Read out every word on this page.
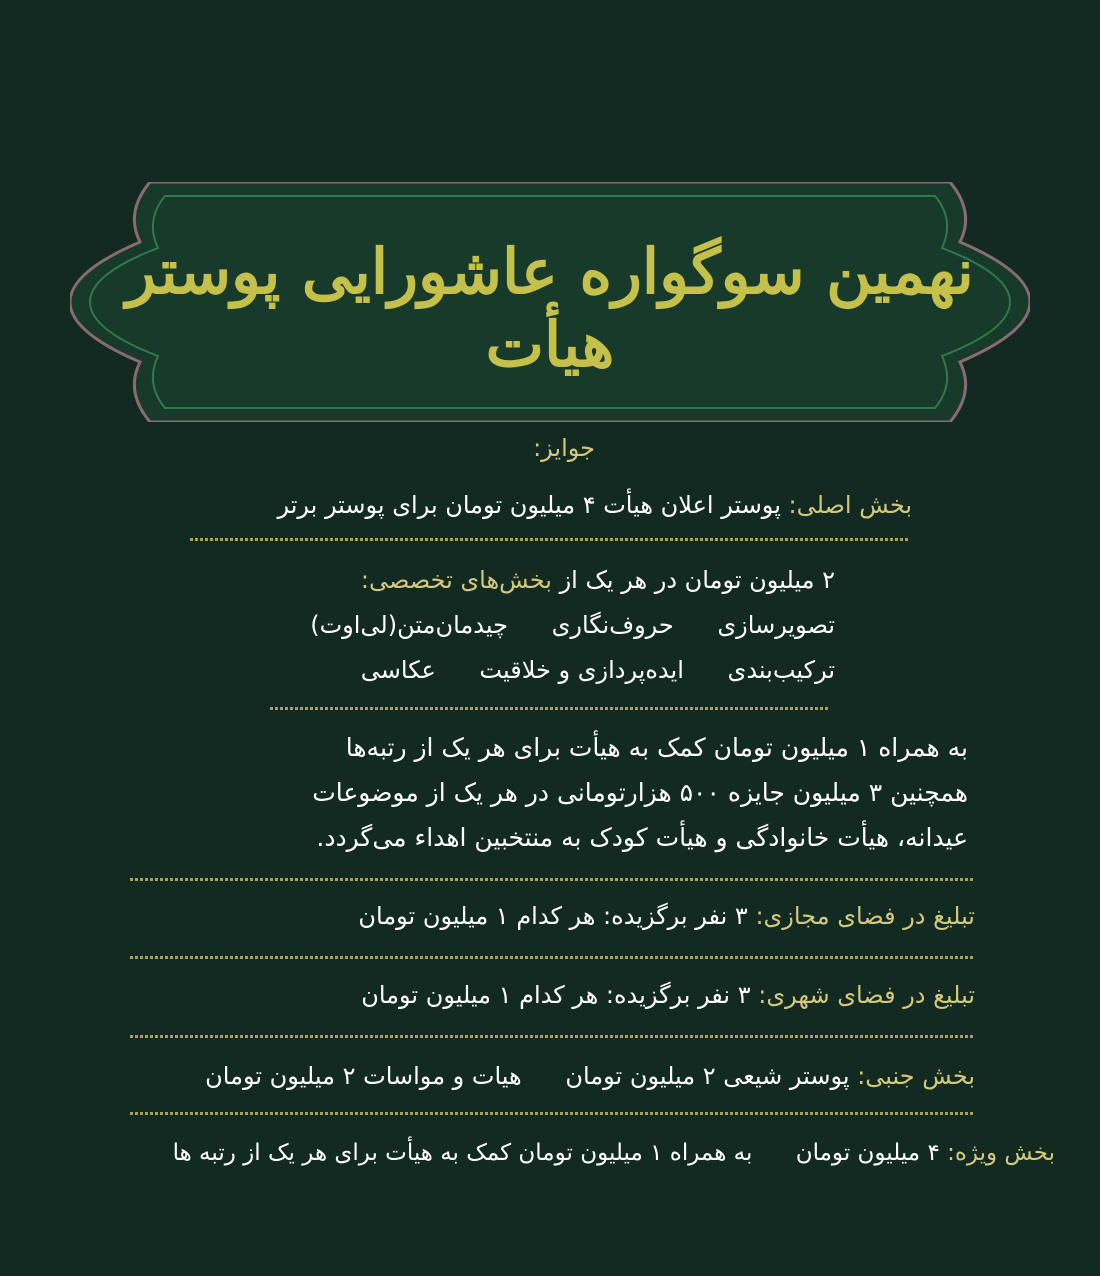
نهمین سوگواره عاشورایی پوستر هیأت
جوایز:
بخش اصلی: پوستر اعلان هیأت ۴ میلیون تومان برای پوستر برتر
۲ میلیون تومان در هر یک از بخش‌های تخصصی:
تصویرسازی حروف‌نگاری چیدمان‌متن(لی‌اوت)
ترکیب‌بندی ایده‌پردازی و خلاقیت عکاسی
به همراه ۱ میلیون تومان کمک به هیأت برای هر یک از رتبه‌ها
همچنین ۳ میلیون جایزه ۵۰۰ هزارتومانی در هر یک از موضوعات
عیدانه، هیأت خانوادگی و هیأت کودک به منتخبین اهداء می‌گردد.
تبلیغ در فضای مجازی: ۳ نفر برگزیده: هر کدام ۱ میلیون تومان
تبلیغ در فضای شهری: ۳ نفر برگزیده: هر کدام ۱ میلیون تومان
بخش جنبی: پوستر شیعی ۲ میلیون تومان هیات و مواسات ۲ میلیون تومان
بخش ویژه: ۴ میلیون تومان به همراه ۱ میلیون تومان کمک به هیأت برای هر یک از رتبه ها
